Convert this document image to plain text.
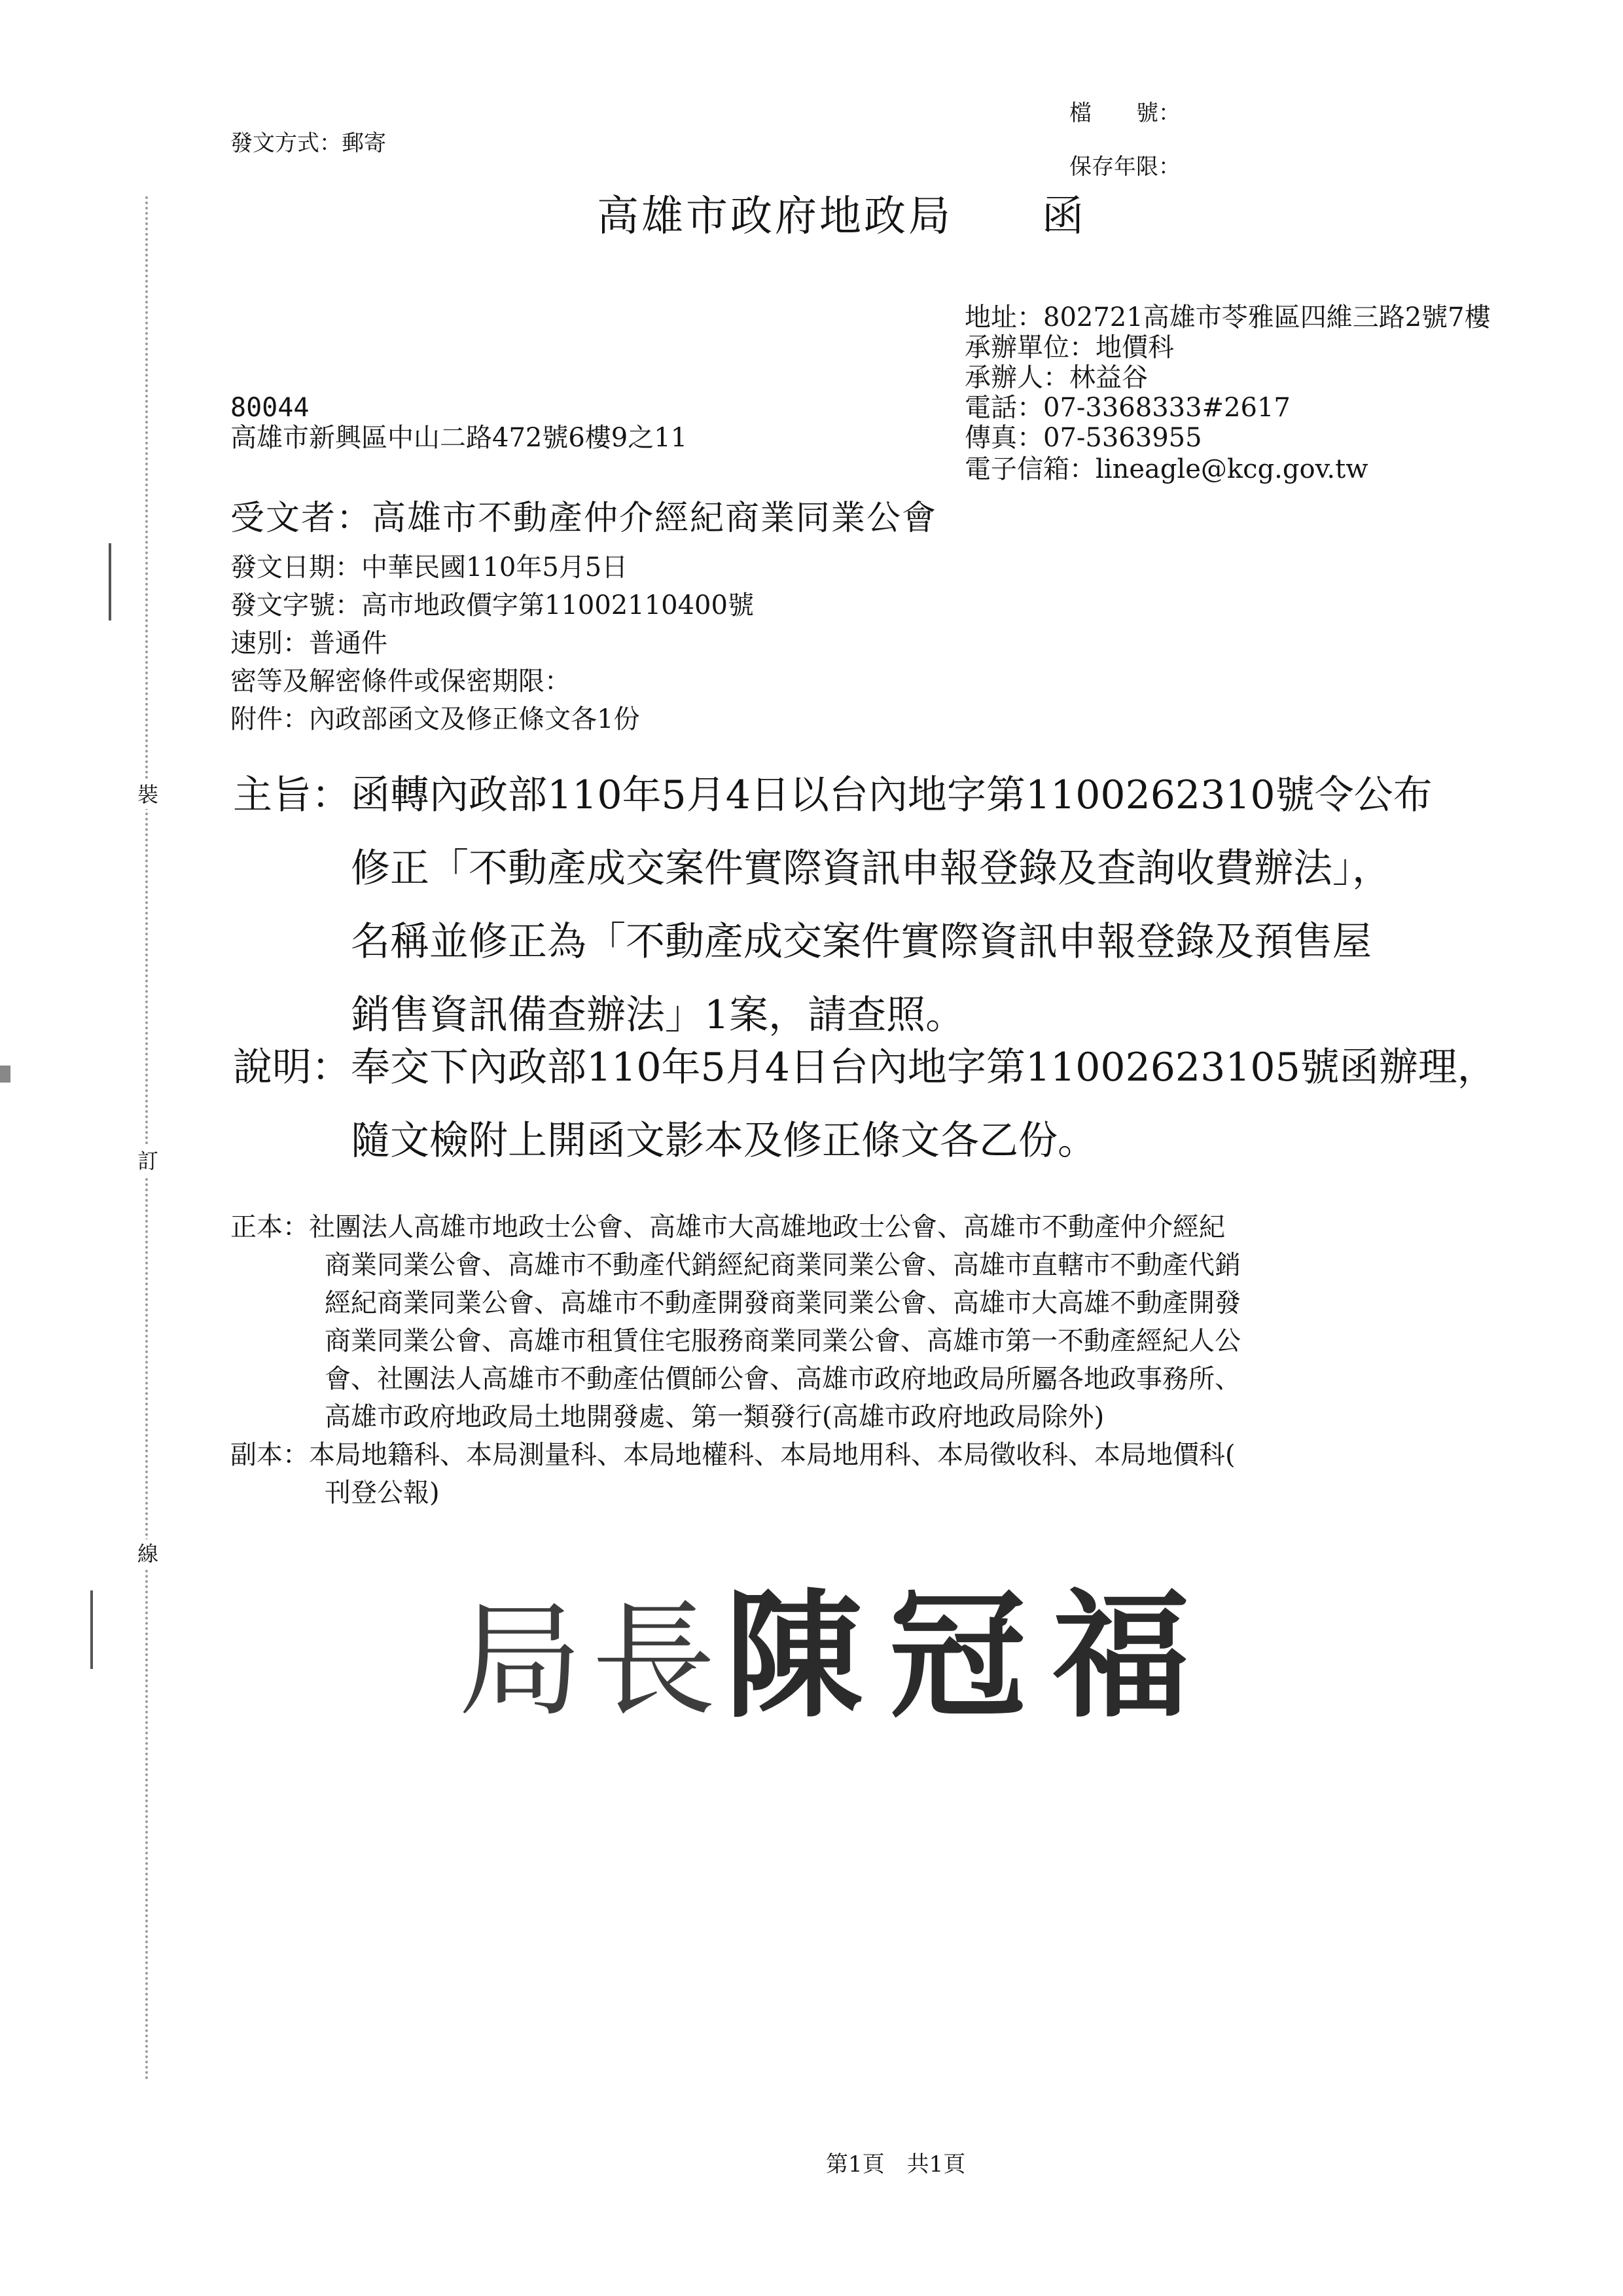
裝
訂
線
發文方式：郵寄
檔　　號：
保存年限：
高雄市政府地政局　　函
地址：802721高雄市苓雅區四維三路2號7樓
承辦單位：地價科
承辦人：林益谷
電話：07-3368333#2617
傳真：07-5363955
電子信箱：lineagle@kcg.gov.tw
80044
高雄市新興區中山二路472號6樓9之11
受文者：高雄市不動產仲介經紀商業同業公會
發文日期：中華民國110年5月5日
發文字號：高市地政價字第11002110400號
速別：普通件
密等及解密條件或保密期限：
附件：內政部函文及修正條文各1份
主旨：函轉內政部110年5月4日以台內地字第1100262310號令公布
修正「不動產成交案件實際資訊申報登錄及查詢收費辦法」，
名稱並修正為「不動產成交案件實際資訊申報登錄及預售屋
銷售資訊備查辦法」1案，請查照。
說明：奉交下內政部110年5月4日台內地字第11002623105號函辦理，
隨文檢附上開函文影本及修正條文各乙份。
正本：社團法人高雄市地政士公會、高雄市大高雄地政士公會、高雄市不動產仲介經紀
商業同業公會、高雄市不動產代銷經紀商業同業公會、高雄市直轄市不動產代銷
經紀商業同業公會、高雄市不動產開發商業同業公會、高雄市大高雄不動產開發
商業同業公會、高雄市租賃住宅服務商業同業公會、高雄市第一不動產經紀人公
會、社團法人高雄市不動產估價師公會、高雄市政府地政局所屬各地政事務所、
高雄市政府地政局土地開發處、第一類發行(高雄市政府地政局除外)
副本：本局地籍科、本局測量科、本局地權科、本局地用科、本局徵收科、本局地價科(
刊登公報)
局長陳冠福
第1頁　共1頁
